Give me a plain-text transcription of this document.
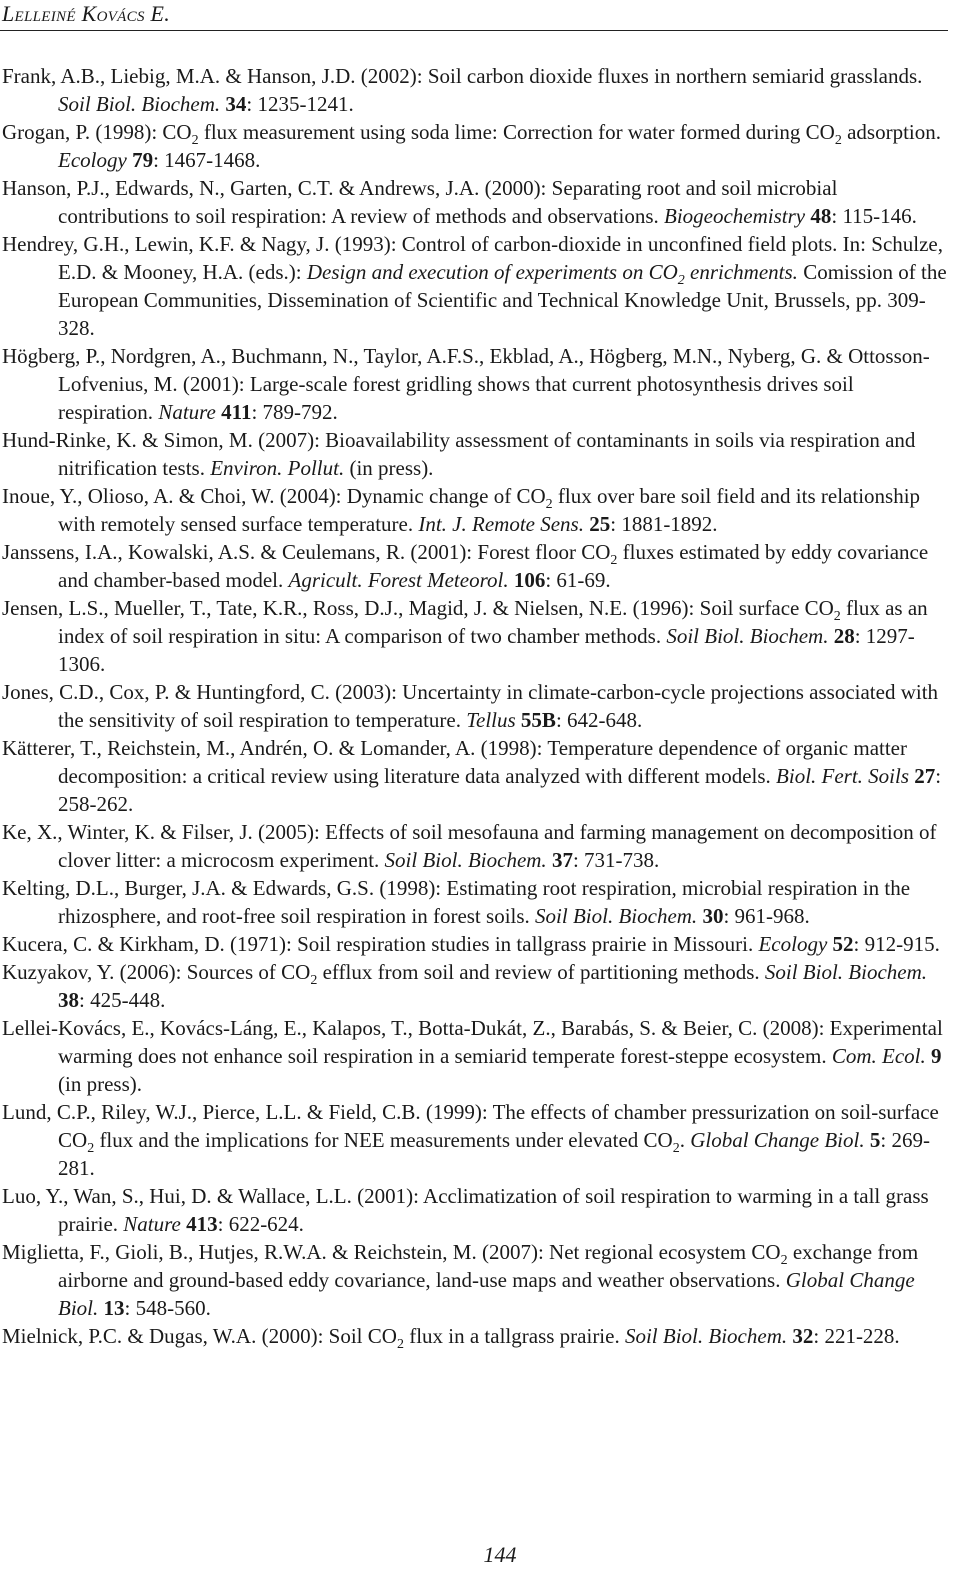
Lelleiné Kovács E.
Frank, A.B., Liebig, M.A. & Hanson, J.D. (2002): Soil carbon dioxide fluxes in northern semiarid grasslands. Soil Biol. Biochem. 34: 1235-1241.
Grogan, P. (1998): $CO_2$ flux measurement using soda lime: Correction for water formed during $CO_2$ adsorption. Ecology 79: 1467-1468.
Hanson, P.J., Edwards, N., Garten, C.T. & Andrews, J.A. (2000): Separating root and soil microbial contributions to soil respiration: A review of methods and observations. Biogeochemistry 48: 115-146.
Hendrey, G.H., Lewin, K.F. & Nagy, J. (1993): Control of carbon-dioxide in unconfined field plots. In: Schulze, E.D. & Mooney, H.A. (eds.): Design and execution of experiments on $CO_2$ enrichments. Comission of the European Communities, Dissemination of Scientific and Technical Knowledge Unit, Brussels, pp. 309-328.
Högberg, P., Nordgren, A., Buchmann, N., Taylor, A.F.S., Ekblad, A., Högberg, M.N., Nyberg, G. & Ottosson-Lofvenius, M. (2001): Large-scale forest gridling shows that current photosynthesis drives soil respiration. Nature 411: 789-792.
Hund-Rinke, K. & Simon, M. (2007): Bioavailability assessment of contaminants in soils via respiration and nitrification tests. Environ. Pollut. (in press).
Inoue, Y., Olioso, A. & Choi, W. (2004): Dynamic change of $CO_2$ flux over bare soil field and its relationship with remotely sensed surface temperature. Int. J. Remote Sens. 25: 1881-1892.
Janssens, I.A., Kowalski, A.S. & Ceulemans, R. (2001): Forest floor $CO_2$ fluxes estimated by eddy covariance and chamber-based model. Agricult. Forest Meteorol. 106: 61-69.
Jensen, L.S., Mueller, T., Tate, K.R., Ross, D.J., Magid, J. & Nielsen, N.E. (1996): Soil surface $CO_2$ flux as an index of soil respiration in situ: A comparison of two chamber methods. Soil Biol. Biochem. 28: 1297-1306.
Jones, C.D., Cox, P. & Huntingford, C. (2003): Uncertainty in climate-carbon-cycle projections associated with the sensitivity of soil respiration to temperature. Tellus 55B: 642-648.
Kätterer, T., Reichstein, M., Andrén, O. & Lomander, A. (1998): Temperature dependence of organic matter decomposition: a critical review using literature data analyzed with different models. Biol. Fert. Soils 27: 258-262.
Ke, X., Winter, K. & Filser, J. (2005): Effects of soil mesofauna and farming management on decomposition of clover litter: a microcosm experiment. Soil Biol. Biochem. 37: 731-738.
Kelting, D.L., Burger, J.A. & Edwards, G.S. (1998): Estimating root respiration, microbial respiration in the rhizosphere, and root-free soil respiration in forest soils. Soil Biol. Biochem. 30: 961-968.
Kucera, C. & Kirkham, D. (1971): Soil respiration studies in tallgrass prairie in Missouri. Ecology 52: 912-915.
Kuzyakov, Y. (2006): Sources of $CO_2$ efflux from soil and review of partitioning methods. Soil Biol. Biochem. 38: 425-448.
Lellei-Kovács, E., Kovács-Láng, E., Kalapos, T., Botta-Dukát, Z., Barabás, S. & Beier, C. (2008): Experimental warming does not enhance soil respiration in a semiarid temperate forest-steppe ecosystem. Com. Ecol. 9 (in press).
Lund, C.P., Riley, W.J., Pierce, L.L. & Field, C.B. (1999): The effects of chamber pressurization on soil-surface $CO_2$ flux and the implications for NEE measurements under elevated $CO_2$. Global Change Biol. 5: 269-281.
Luo, Y., Wan, S., Hui, D. & Wallace, L.L. (2001): Acclimatization of soil respiration to warming in a tall grass prairie. Nature 413: 622-624.
Miglietta, F., Gioli, B., Hutjes, R.W.A. & Reichstein, M. (2007): Net regional ecosystem $CO_2$ exchange from airborne and ground-based eddy covariance, land-use maps and weather observations. Global Change Biol. 13: 548-560.
Mielnick, P.C. & Dugas, W.A. (2000): Soil $CO_2$ flux in a tallgrass prairie. Soil Biol. Biochem. 32: 221-228.
144
